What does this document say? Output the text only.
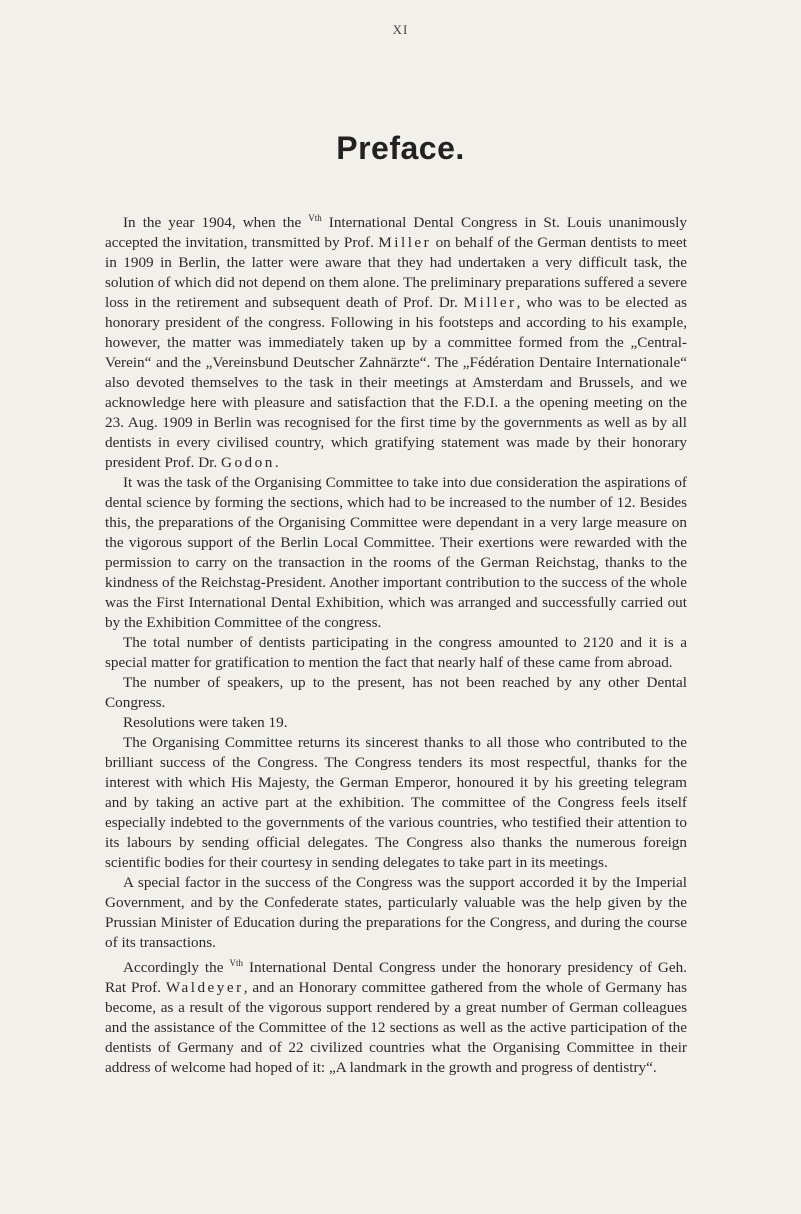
XI
Preface.

In the year 1904, when the $^{Vth}$ International Dental Congress in St. Louis unanimously accepted the invitation, transmitted by Prof. Miller on behalf of the German dentists to meet in 1909 in Berlin, the latter were aware that they had undertaken a very difficult task, the solution of which did not depend on them alone. The preliminary preparations suffered a severe loss in the retirement and subsequent death of Prof. Dr. Miller, who was to be elected as honorary president of the congress. Following in his footsteps and according to his example, however, the matter was immediately taken up by a committee formed from the „Central-Verein“ and the „Vereinsbund Deutscher Zahnärzte“. The „Fédération Dentaire Internationale“ also devoted themselves to the task in their meetings at Amsterdam and Brussels, and we acknowledge here with pleasure and satisfaction that the F.D.I. a the opening meeting on the 23. Aug. 1909 in Berlin was recognised for the first time by the governments as well as by all dentists in every civilised country, which gratifying statement was made by their honorary president Prof. Dr. Godon.

It was the task of the Organising Committee to take into due consideration the aspirations of dental science by forming the sections, which had to be increased to the number of 12. Besides this, the preparations of the Organising Committee were dependant in a very large measure on the vigorous support of the Berlin Local Committee. Their exertions were rewarded with the permission to carry on the transaction in the rooms of the German Reichstag, thanks to the kindness of the Reichstag-President. Another important contribution to the success of the whole was the First International Dental Exhibition, which was arranged and successfully carried out by the Exhibition Committee of the congress.

The total number of dentists participating in the congress amounted to 2120 and it is a special matter for gratification to mention the fact that nearly half of these came from abroad.

The number of speakers, up to the present, has not been reached by any other Dental Congress.

Resolutions were taken 19.

The Organising Committee returns its sincerest thanks to all those who contributed to the brilliant success of the Congress. The Congress tenders its most respectful, thanks for the interest with which His Majesty, the German Emperor, honoured it by his greeting telegram and by taking an active part at the exhibition. The committee of the Congress feels itself especially indebted to the governments of the various countries, who testified their attention to its labours by sending official delegates. The Congress also thanks the numerous foreign scientific bodies for their courtesy in sending delegates to take part in its meetings.

A special factor in the success of the Congress was the support accorded it by the Imperial Government, and by the Confederate states, particularly valuable was the help given by the Prussian Minister of Education during the preparations for the Congress, and during the course of its transactions.

Accordingly the $^{Vth}$ International Dental Congress under the honorary presidency of Geh. Rat Prof. Waldeyer, and an Honorary committee gathered from the whole of Germany has become, as a result of the vigorous support rendered by a great number of German colleagues and the assistance of the Committee of the 12 sections as well as the active participation of the dentists of Germany and of 22 civilized countries what the Organising Committee in their address of welcome had hoped of it: „A landmark in the growth and progress of dentistry“.
